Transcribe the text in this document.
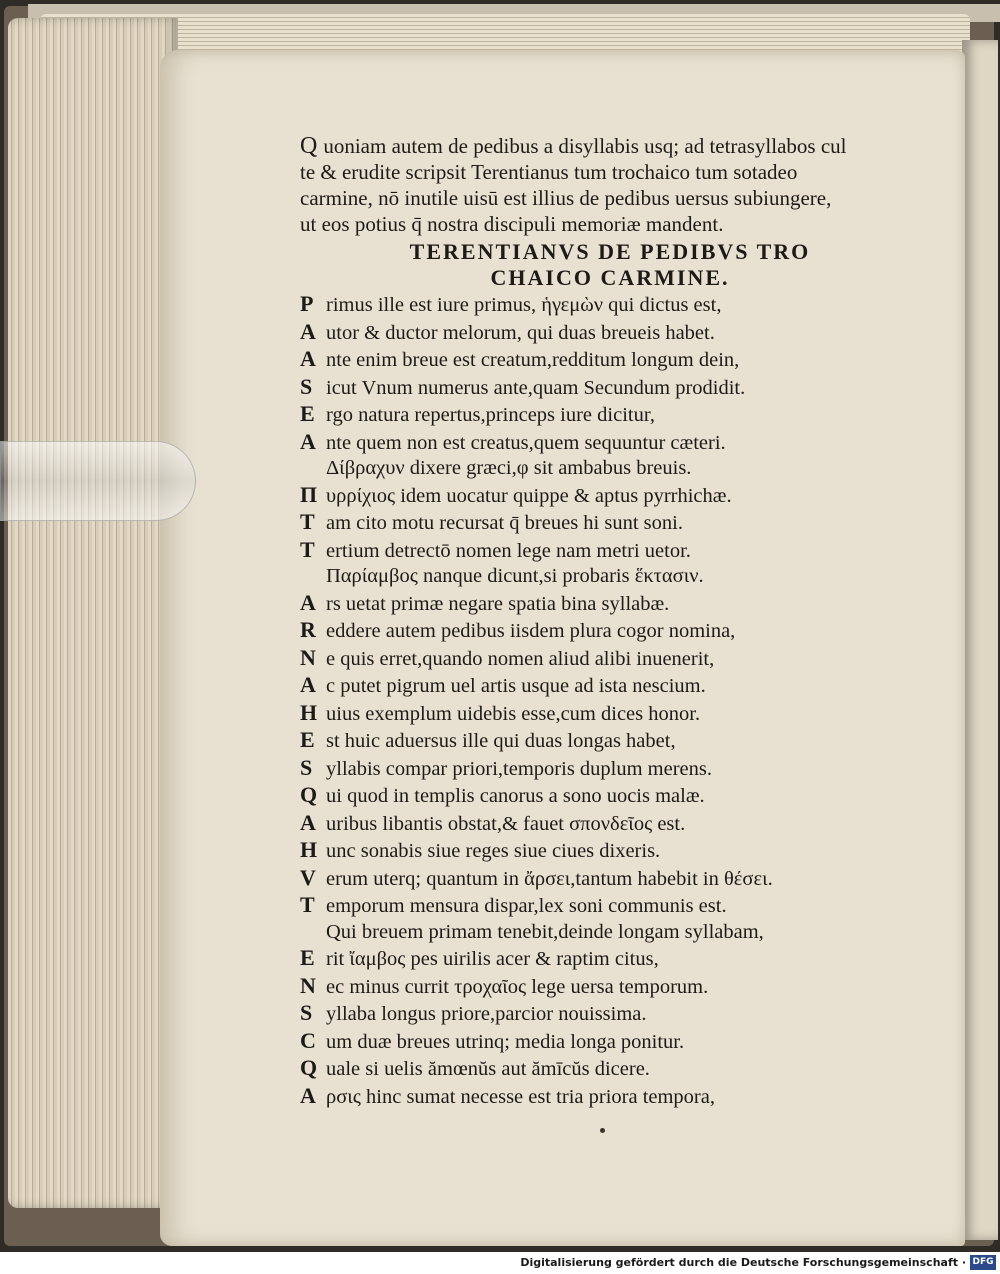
Q uoniam autem de pedibus a disyllabis usq; ad tetrasyllabos cul
te & erudite scripsit Terentianus tum trochaico tum sotadeo
carmine, nō inutile uisū est illius de pedibus uersus subiungere,
ut eos potius q̄ nostra discipuli memoriæ mandent.
TERENTIANVS DE PEDIBVS TRO
CHAICO CARMINE.
P rimus ille est iure primus, ἡγεμὼν qui dictus est,
A utor & ductor melorum, qui duas breueis habet.
A nte enim breue est creatum,redditum longum dein,
S icut Vnum numerus ante,quam Secundum prodidit.
E rgo natura repertus,princeps iure dicitur,
A nte quem non est creatus,quem sequuntur cæteri.
Δίβραχυν dixere græci,φ sit ambabus breuis.
Π υρρίχιος idem uocatur quippe & aptus pyrrhichæ.
T am cito motu recursat q̄ breues hi sunt soni.
T ertium detrectō nomen lege nam metri uetor.
Παρίαμβος nanque dicunt,si probaris ἕκτασιν.
A rs uetat primæ negare spatia bina syllabæ.
R eddere autem pedibus iisdem plura cogor nomina,
N e quis erret,quando nomen aliud alibi inuenerit,
A c putet pigrum uel artis usque ad ista nescium.
H uius exemplum uidebis esse,cum dices honor.
E st huic aduersus ille qui duas longas habet,
S yllabis compar priori,temporis duplum merens.
Q ui quod in templis canorus a sono uocis malæ.
A uribus libantis obstat,& fauet σπονδεῖος est.
H unc sonabis siue reges siue ciues dixeris.
V erum uterq; quantum in ἄρσει,tantum habebit in θέσει.
T emporum mensura dispar,lex soni communis est.
Qui breuem primam tenebit,deinde longam syllabam,
E rit ἴαμβος pes uirilis acer & raptim citus,
N ec minus currit τροχαῖος lege uersa temporum.
S yllaba longus priore,parcior nouissima.
C um duæ breues utrinq; media longa ponitur.
Q uale si uelis ămœnŭs aut ămīcŭs dicere.
A ρσις hinc sumat necesse est tria priora tempora,
Digitalisierung gefördert durch die Deutsche Forschungsgemeinschaft · DFG
